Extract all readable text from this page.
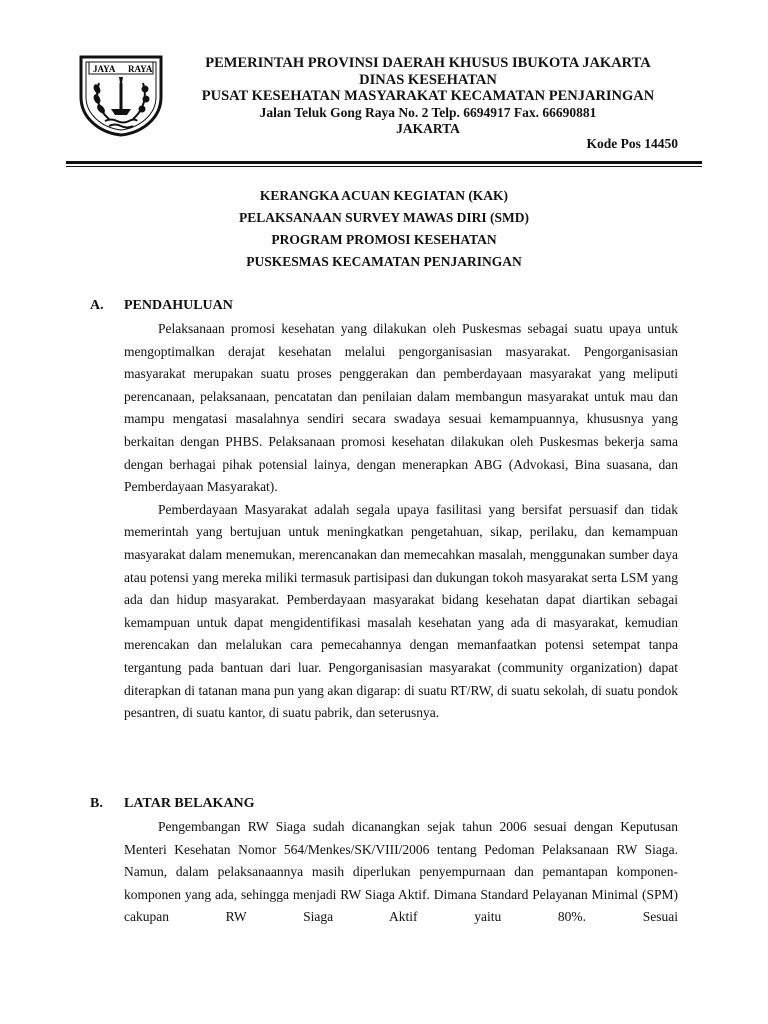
JAYA RAYA	PEMERINTAH PROVINSI DAERAH KHUSUS IBUKOTA JAKARTA
DINAS KESEHATAN
PUSAT KESEHATAN MASYARAKAT KECAMATAN PENJARINGAN
Jalan Teluk Gong Raya No. 2 Telp. 6694917 Fax. 66690881
JAKARTA
Kode Pos 14450
KERANGKA ACUAN KEGIATAN (KAK)
PELAKSANAAN SURVEY MAWAS DIRI (SMD)
PROGRAM PROMOSI KESEHATAN
PUSKESMAS KECAMATAN PENJARINGAN
A. PENDAHULUAN

Pelaksanaan promosi kesehatan yang dilakukan oleh Puskesmas sebagai suatu upaya untuk mengoptimalkan derajat kesehatan melalui pengorganisasian masyarakat. Pengorganisasian masyarakat merupakan suatu proses penggerakan dan pemberdayaan masyarakat yang meliputi perencanaan, pelaksanaan, pencatatan dan penilaian dalam membangun masyarakat untuk mau dan mampu mengatasi masalahnya sendiri secara swadaya sesuai kemampuannya, khususnya yang berkaitan dengan PHBS. Pelaksanaan promosi kesehatan dilakukan oleh Puskesmas bekerja sama dengan berhagai pihak potensial lainya, dengan menerapkan ABG (Advokasi, Bina suasana, dan Pemberdayaan Masyarakat).

Pemberdayaan Masyarakat adalah segala upaya fasilitasi yang bersifat persuasif dan tidak memerintah yang bertujuan untuk meningkatkan pengetahuan, sikap, perilaku, dan kemampuan masyarakat dalam menemukan, merencanakan dan memecahkan masalah, menggunakan sumber daya atau potensi yang mereka miliki termasuk partisipasi dan dukungan tokoh masyarakat serta LSM yang ada dan hidup masyarakat. Pemberdayaan masyarakat bidang kesehatan dapat diartikan sebagai kemampuan untuk dapat mengidentifikasi masalah kesehatan yang ada di masyarakat, kemudian merencakan dan melalukan cara pemecahannya dengan memanfaatkan potensi setempat tanpa tergantung pada bantuan dari luar. Pengorganisasian masyarakat (community organization) dapat diterapkan di tatanan mana pun yang akan digarap: di suatu RT/RW, di suatu sekolah, di suatu pondok pesantren, di suatu kantor, di suatu pabrik, dan seterusnya.

B. LATAR BELAKANG

Pengembangan RW Siaga sudah dicanangkan sejak tahun 2006 sesuai dengan Keputusan Menteri Kesehatan Nomor 564/Menkes/SK/VIII/2006 tentang Pedoman Pelaksanaan RW Siaga. Namun, dalam pelaksanaannya masih diperlukan penyempurnaan dan pemantapan komponen-komponen yang ada, sehingga menjadi RW Siaga Aktif. Dimana Standard Pelayanan Minimal (SPM) cakupan RW Siaga Aktif yaitu 80%. Sesuai
